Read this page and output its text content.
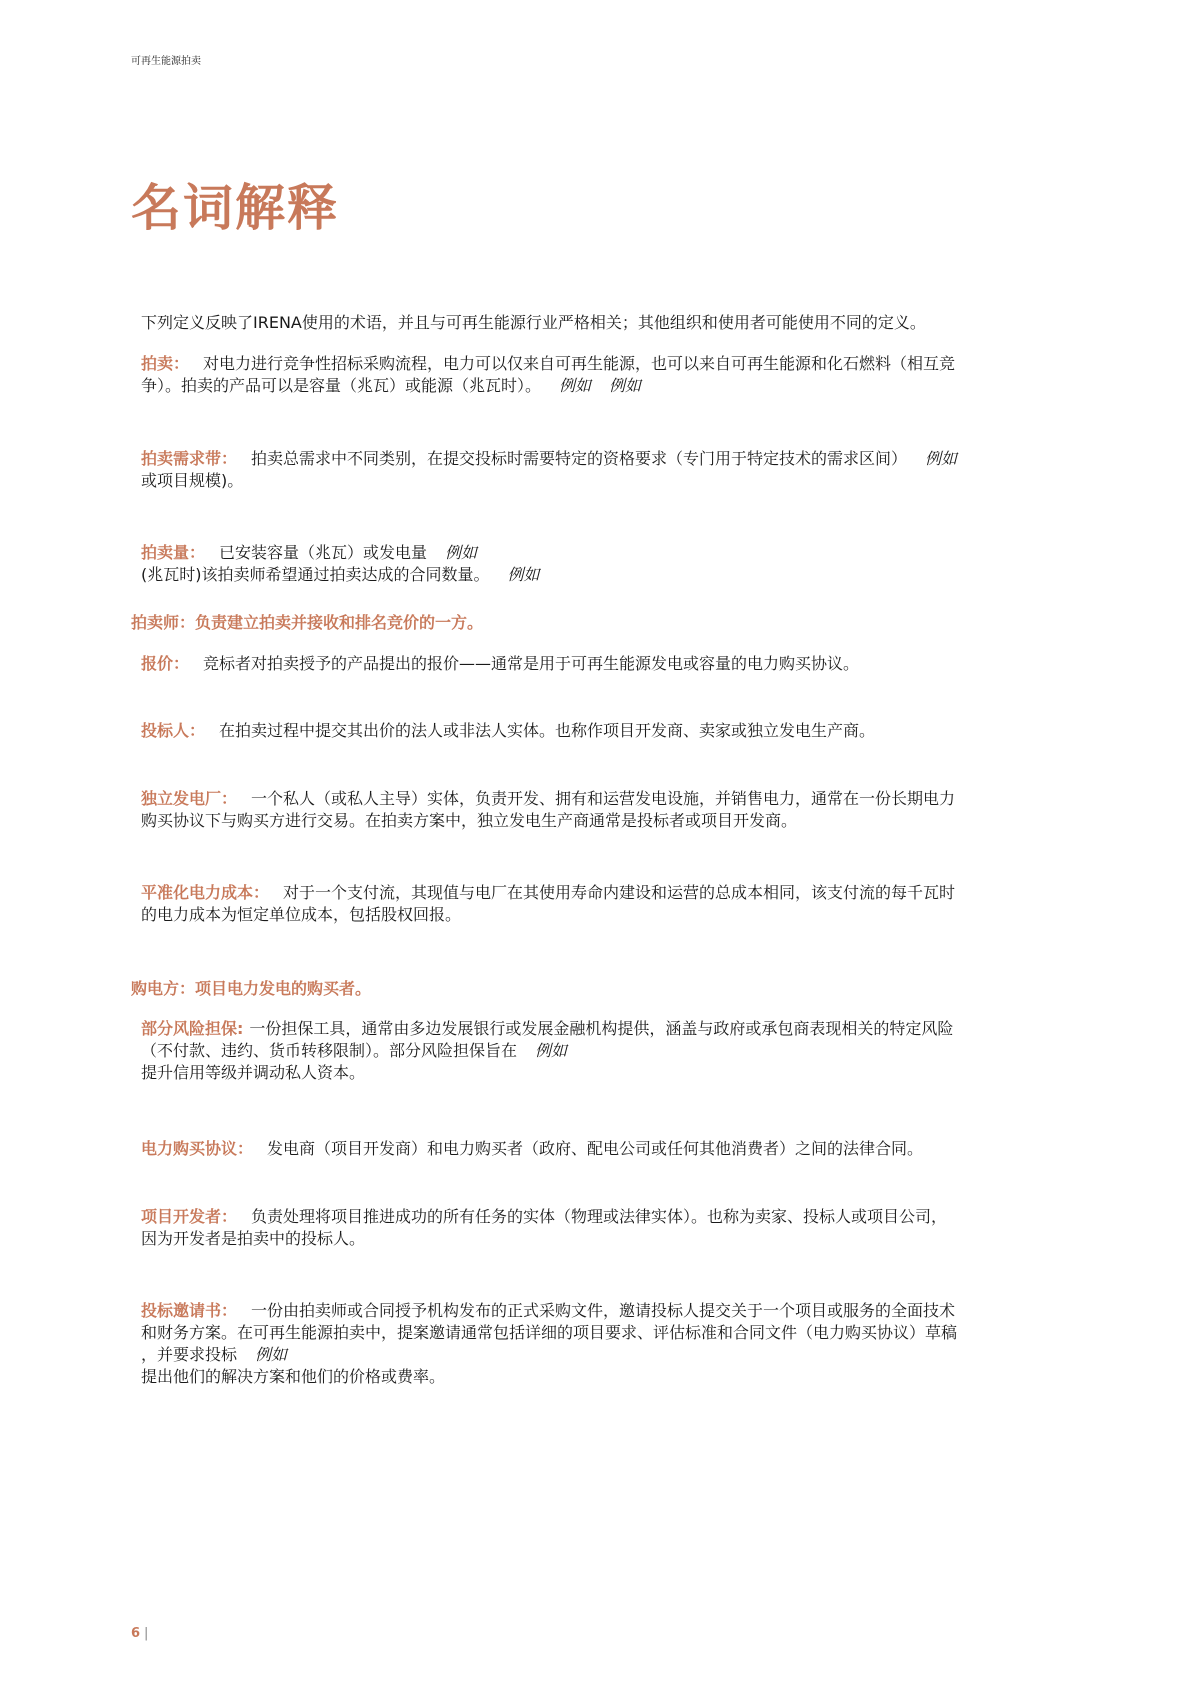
可再生能源拍卖
名词解释
下列定义反映了IRENA使用的术语，并且与可再生能源行业严格相关；其他组织和使用者可能使用不同的定义。
拍卖： 对电力进行竞争性招标采购流程，电力可以仅来自可再生能源，也可以来自可再生能源和化石燃料（相互竞
争）。拍卖的产品可以是容量（兆瓦）或能源（兆瓦时）。 例如 例如
拍卖需求带： 拍卖总需求中不同类别，在提交投标时需要特定的资格要求（专门用于特定技术的需求区间） 例如
或项目规模)。
拍卖量： 已安装容量（兆瓦）或发电量 例如
(兆瓦时)该拍卖师希望通过拍卖达成的合同数量。 例如
拍卖师：负责建立拍卖并接收和排名竞价的一方。
报价： 竞标者对拍卖授予的产品提出的报价——通常是用于可再生能源发电或容量的电力购买协议。
投标人： 在拍卖过程中提交其出价的法人或非法人实体。也称作项目开发商、卖家或独立发电生产商。
独立发电厂： 一个私人（或私人主导）实体，负责开发、拥有和运营发电设施，并销售电力，通常在一份长期电力
购买协议下与购买方进行交易。在拍卖方案中，独立发电生产商通常是投标者或项目开发商。
平准化电力成本： 对于一个支付流，其现值与电厂在其使用寿命内建设和运营的总成本相同，该支付流的每千瓦时
的电力成本为恒定单位成本，包括股权回报。
购电方：项目电力发电的购买者。
部分风险担保: 一份担保工具，通常由多边发展银行或发展金融机构提供，涵盖与政府或承包商表现相关的特定风险
（不付款、违约、货币转移限制）。部分风险担保旨在 例如
提升信用等级并调动私人资本。
电力购买协议： 发电商（项目开发商）和电力购买者（政府、配电公司或任何其他消费者）之间的法律合同。
项目开发者： 负责处理将项目推进成功的所有任务的实体（物理或法律实体）。也称为卖家、投标人或项目公司，
因为开发者是拍卖中的投标人。
投标邀请书： 一份由拍卖师或合同授予机构发布的正式采购文件，邀请投标人提交关于一个项目或服务的全面技术
和财务方案。在可再生能源拍卖中，提案邀请通常包括详细的项目要求、评估标准和合同文件（电力购买协议）草稿
，并要求投标 例如
提出他们的解决方案和他们的价格或费率。
6 |
